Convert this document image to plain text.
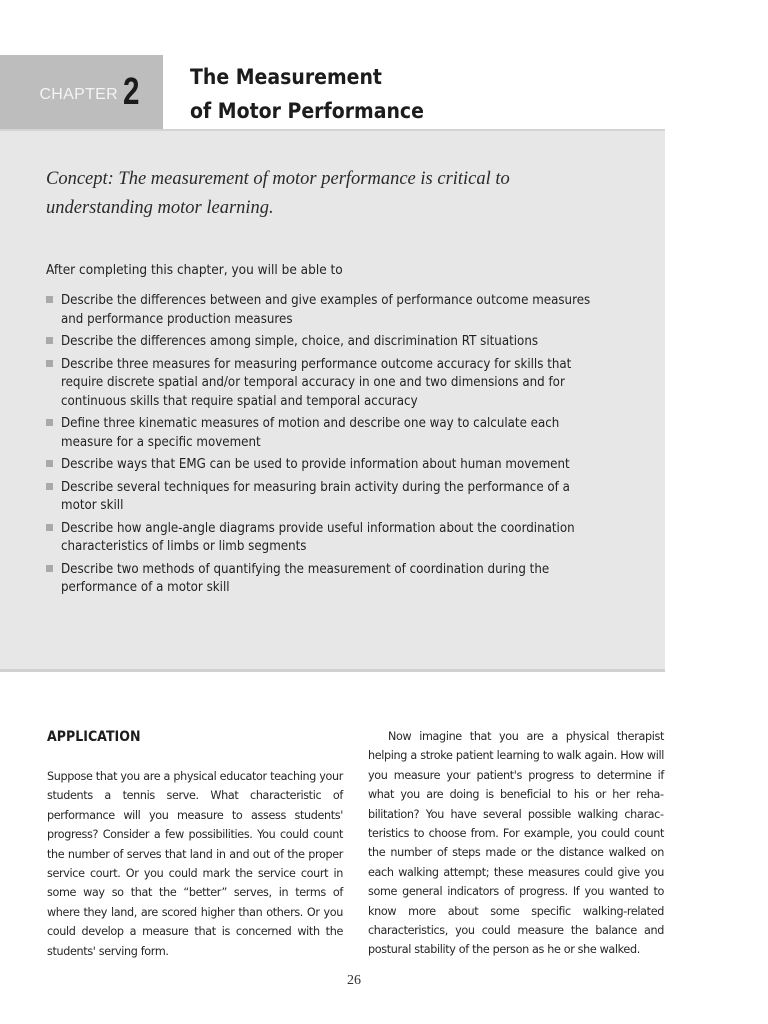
CHAPTER 2 The Measurement
of Motor Performance
Concept: The measurement of motor performance is critical to understanding motor learning.
After completing this chapter, you will be able to
Describe the differences between and give examples of performance outcome measures and performance production measures
Describe the differences among simple, choice, and discrimination RT situations
Describe three measures for measuring performance outcome accuracy for skills that require discrete spatial and/or temporal accuracy in one and two dimensions and for continuous skills that require spatial and temporal accuracy
Define three kinematic measures of motion and describe one way to calculate each measure for a specific movement
Describe ways that EMG can be used to provide information about human movement
Describe several techniques for measuring brain activity during the performance of a motor skill
Describe how angle-angle diagrams provide useful information about the coordination characteristics of limbs or limb segments
Describe two methods of quantifying the measurement of coordination during the performance of a motor skill
APPLICATION

Suppose that you are a physical educator teaching your students a tennis serve. What characteristic of performance will you measure to assess students' progress? Consider a few possibilities. You could count the number of serves that land in and out of the proper service court. Or you could mark the service court in some way so that the “better” serves, in terms of where they land, are scored higher than others. Or you could develop a measure that is concerned with the students' serving form.

Now imagine that you are a physical therapist helping a stroke patient learning to walk again. How will you measure your patient's progress to determine if what you are doing is beneficial to his or her rehabilitation? You have several possible walking characteristics to choose from. For example, you could count the number of steps made or the distance walked on each walking attempt; these measures could give you some general indicators of progress. If you wanted to know more about some specific walking-related characteristics, you could measure the balance and postural stability of the person as he or she walked.

26
